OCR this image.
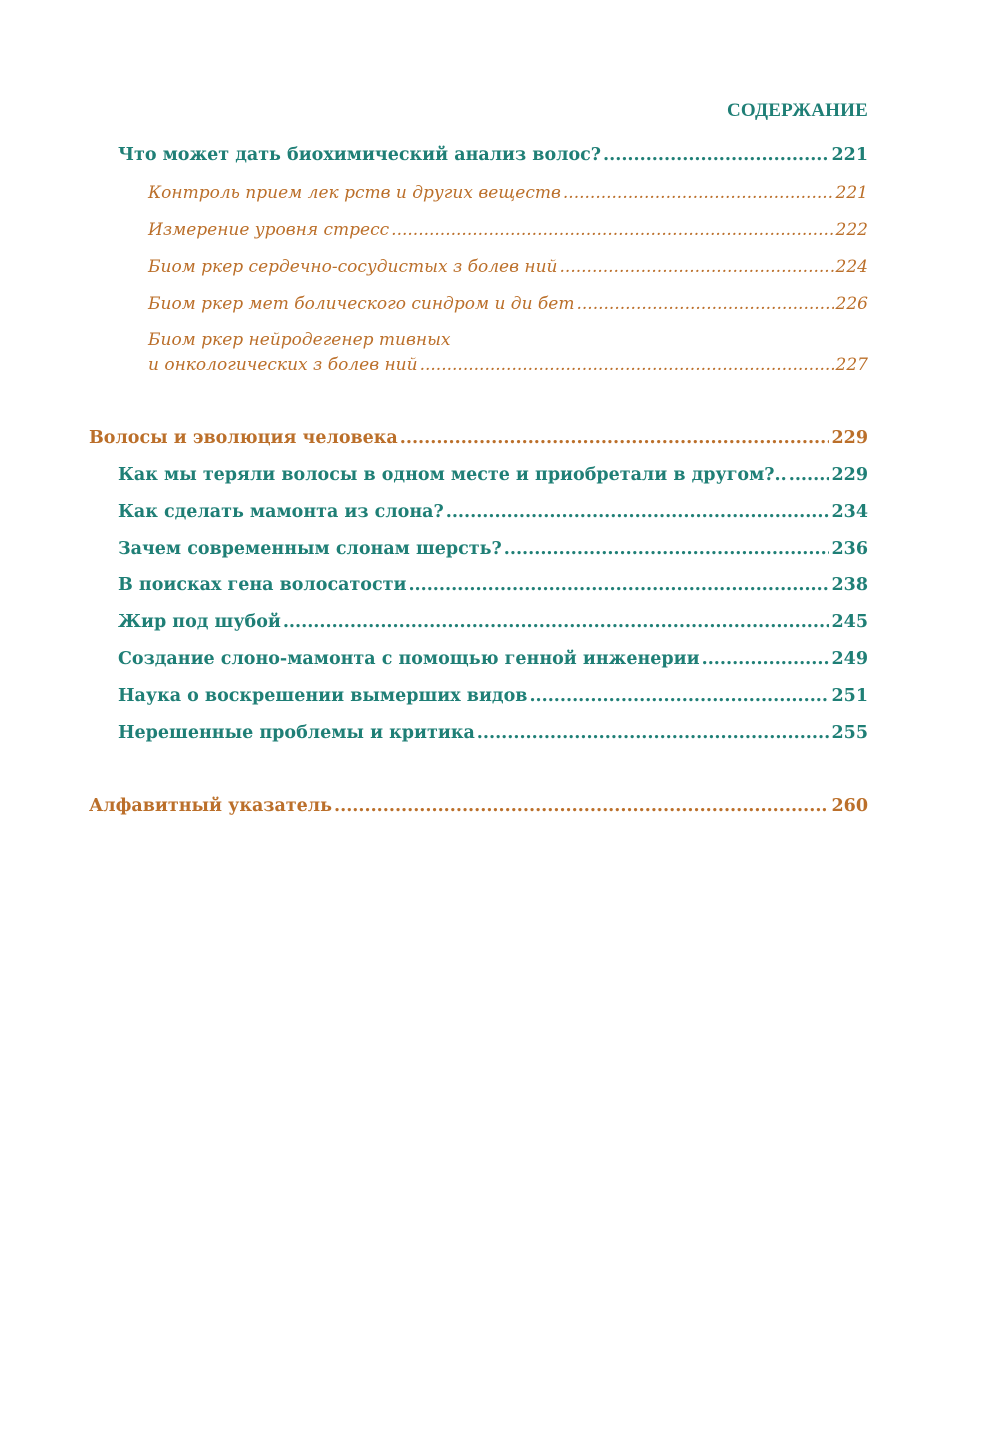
СОДЕРЖАНИЕ
Что может дать биохимический анализ волос? .....	221
Контроль прием лек рств и других веществ .....	221
Измерение уровня стресс .....	222
Биом ркер сердечно-сосудистых з болев ний .....	224
Биом ркер мет болического синдром и ди бет .....	226
Биом ркер нейродегенер тивных
и онкологических з болев ний .....	227
Волосы и эволюция человека .....	229
Как мы теряли волосы в одном месте и приобретали в другом?.. .....	229
Как сделать мамонта из слона? .....	234
Зачем современным слонам шерсть? .....	236
В поисках гена волосатости .....	238
Жир под шубой .....	245
Создание слоно-мамонта с помощью генной инженерии .....	249
Наука о воскрешении вымерших видов .....	251
Нерешенные проблемы и критика .....	255
Алфавитный указатель .....	260
